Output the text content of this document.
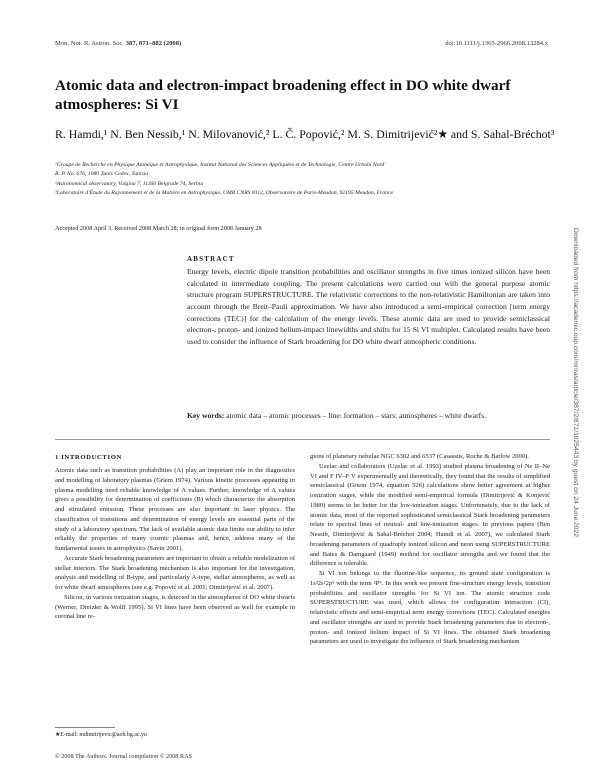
Mon. Not. R. Astron. Soc. 387, 871–882 (2008)	doi:10.1111/j.1365-2966.2008.13284.x
Atomic data and electron-impact broadening effect in DO white dwarf atmospheres: Si VI
R. Hamdi,¹ N. Ben Nessib,¹ N. Milovanović,² L. Č. Popović,² M. S. Dimitrijević²★ and S. Sahal-Bréchot³
¹Groupe de Recherche en Physique Atomique et Astrophysique, Institut National des Sciences Appliquées et de Technologie, Centre Urbain Nord
B. P. No. 676, 1080 Tunis Cedex, Tunisia
²Astronomical observatory, Volgina 7, 11160 Belgrade 74, Serbia
³Laboratoire d'Étude du Rayonnement et de la Matière en Astrophysique, UMR CNRS 8112, Observatoire de Paris-Meudon, 92195 Meudon, France
Accepted 2008 April 3. Received 2008 March 28; in original form 2008 January 28
ABSTRACT
Energy levels, electric dipole transition probabilities and oscillator strengths in five times ionized silicon have been calculated in intermediate coupling. The present calculations were carried out with the general purpose atomic structure program SUPERSTRUCTURE. The relativistic corrections to the non-relativistic Hamiltonian are taken into account through the Breit–Pauli approximation. We have also introduced a semi-empirical correction [term energy corrections (TEC)] for the calculation of the energy levels. These atomic data are used to provide semiclassical electron-, proton- and ionized helium-impact linewidths and shifts for 15 Si VI multiplet. Calculated results have been used to consider the influence of Stark broadening for DO white dwarf atmospheric conditions.
Key words: atomic data – atomic processes – line: formation – stars: atmospheres – white dwarfs.
1 INTRODUCTION

Atomic data such as transition probabilities (A) play an important role in the diagnostics and modelling of laboratory plasmas (Griem 1974). Various kinetic processes appearing in plasma modelling need reliable knowledge of A values. Further, knowledge of A values gives a possibility for determination of coefficients (B) which characterize the absorption and stimulated emission. These processes are also important in laser physics. The classification of transitions and determination of energy levels are essential parts of the study of a laboratory spectrum. The lack of available atomic data limits our ability to infer reliably the properties of many cosmic plasmas and, hence, address many of the fundamental issues in astrophysics (Savin 2001).

Accurate Stark broadening parameters are important to obtain a reliable modelization of stellar interiors. The Stark broadening mechanism is also important for the investigation, analysis and modelling of B-type, and particularly A-type, stellar atmospheres, as well as for white dwarf atmospheres (see e.g. Popović et al. 2001; Dimitrijević et al. 2007).

Silicon, in various ionization stages, is detected in the atmospheres of DO white dwarfs (Werner, Dreizler & Wolff 1995). Si VI lines have been observed as well for example in coronal line re-

gions of planetary nebulae NGC 6302 and 6537 (Casassus, Roche & Barlow 2000).

Uzelac and collaborators (Uzelac et al. 1993) studied plasma broadening of Ne II–Ne VI and F IV–F V experimentally and theoretically, they found that the results of simplified semiclassical (Griem 1974, equation 526) calculations show better agreement at higher ionization stages, while the modified semi-empirical formula (Dimitrijević & Konjević 1980) seems to be better for the low-ionization stages. Unfortunately, due to the lack of atomic data, most of the reported sophisticated semiclassical Stark broadening parameters relate to spectral lines of neutral- and low-ionization stages. In previous papers (Ben Nessib, Dimitrijević & Sahal-Bréchot 2004; Hamdi et al. 2007), we calculated Stark broadening parameters of quadruply ionized silicon and neon using SUPERSTRUCTURE and Bates & Damgaard (1949) method for oscillator strengths and we found that the difference is tolerable.

Si VI ion belongs to the fluorine-like sequence, its ground state configuration is 1s²2s²2p⁵ with the term ²P°. In this work we present fine-structure energy levels, transition probabilities and oscillator strengths for Si VI ion. The atomic structure code SUPERSTRUCTURE was used, which allows for configuration interaction (CI), relativistic effects and semi-empirical term energy corrections (TEC). Calculated energies and oscillator strengths are used to provide Stark broadening parameters due to electron-, proton- and ionized helium impact of Si VI lines. The obtained Stark broadening parameters are used to investigate the influence of Stark broadening mechanism

★E-mail: mdimitrijevic@aob.bg.ac.yu
© 2008 The Authors. Journal compilation © 2008 RAS
Downloaded from https://academic.oup.com/mnras/article/387/2/871/1025443 by guest on 24 June 2022
